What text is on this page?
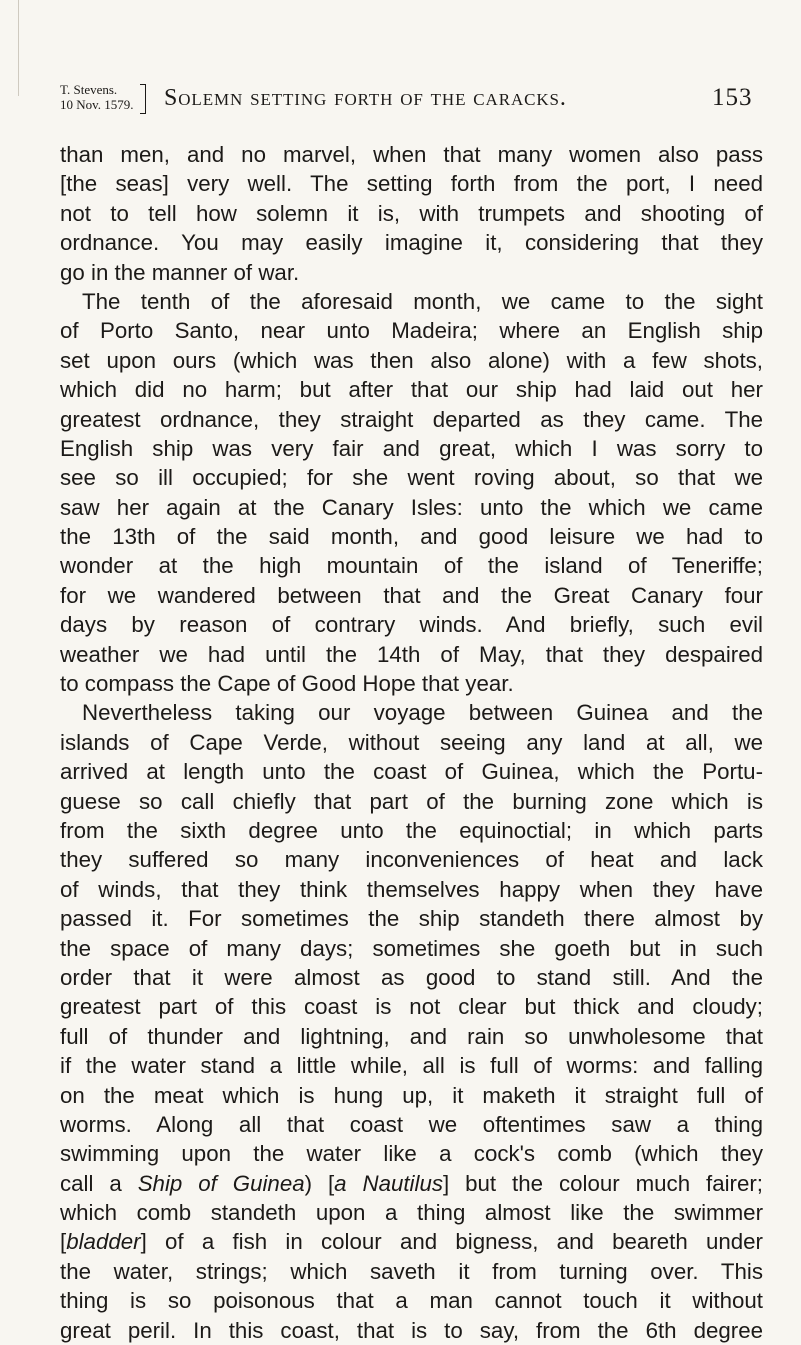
T. Stevens.
10 Nov. 1579. Solemn setting forth of the caracks.	153
than men, and no marvel, when that many women also pass
[the seas] very well. The setting forth from the port, I need
not to tell how solemn it is, with trumpets and shooting of
ordnance. You may easily imagine it, considering that they
go in the manner of war.
The tenth of the aforesaid month, we came to the sight
of Porto Santo, near unto Madeira; where an English ship
set upon ours (which was then also alone) with a few shots,
which did no harm; but after that our ship had laid out her
greatest ordnance, they straight departed as they came. The
English ship was very fair and great, which I was sorry to
see so ill occupied; for she went roving about, so that we
saw her again at the Canary Isles: unto the which we came
the 13th of the said month, and good leisure we had to
wonder at the high mountain of the island of Teneriffe;
for we wandered between that and the Great Canary four
days by reason of contrary winds. And briefly, such evil
weather we had until the 14th of May, that they despaired
to compass the Cape of Good Hope that year.
Nevertheless taking our voyage between Guinea and the
islands of Cape Verde, without seeing any land at all, we
arrived at length unto the coast of Guinea, which the Portu-
guese so call chiefly that part of the burning zone which is
from the sixth degree unto the equinoctial; in which parts
they suffered so many inconveniences of heat and lack
of winds, that they think themselves happy when they have
passed it. For sometimes the ship standeth there almost by
the space of many days; sometimes she goeth but in such
order that it were almost as good to stand still. And the
greatest part of this coast is not clear but thick and cloudy;
full of thunder and lightning, and rain so unwholesome that
if the water stand a little while, all is full of worms: and falling
on the meat which is hung up, it maketh it straight full of
worms. Along all that coast we oftentimes saw a thing
swimming upon the water like a cock's comb (which they
call a Ship of Guinea) [a Nautilus] but the colour much fairer;
which comb standeth upon a thing almost like the swimmer
[bladder] of a fish in colour and bigness, and beareth under
the water, strings; which saveth it from turning over. This
thing is so poisonous that a man cannot touch it without
great peril. In this coast, that is to say, from the 6th degree
